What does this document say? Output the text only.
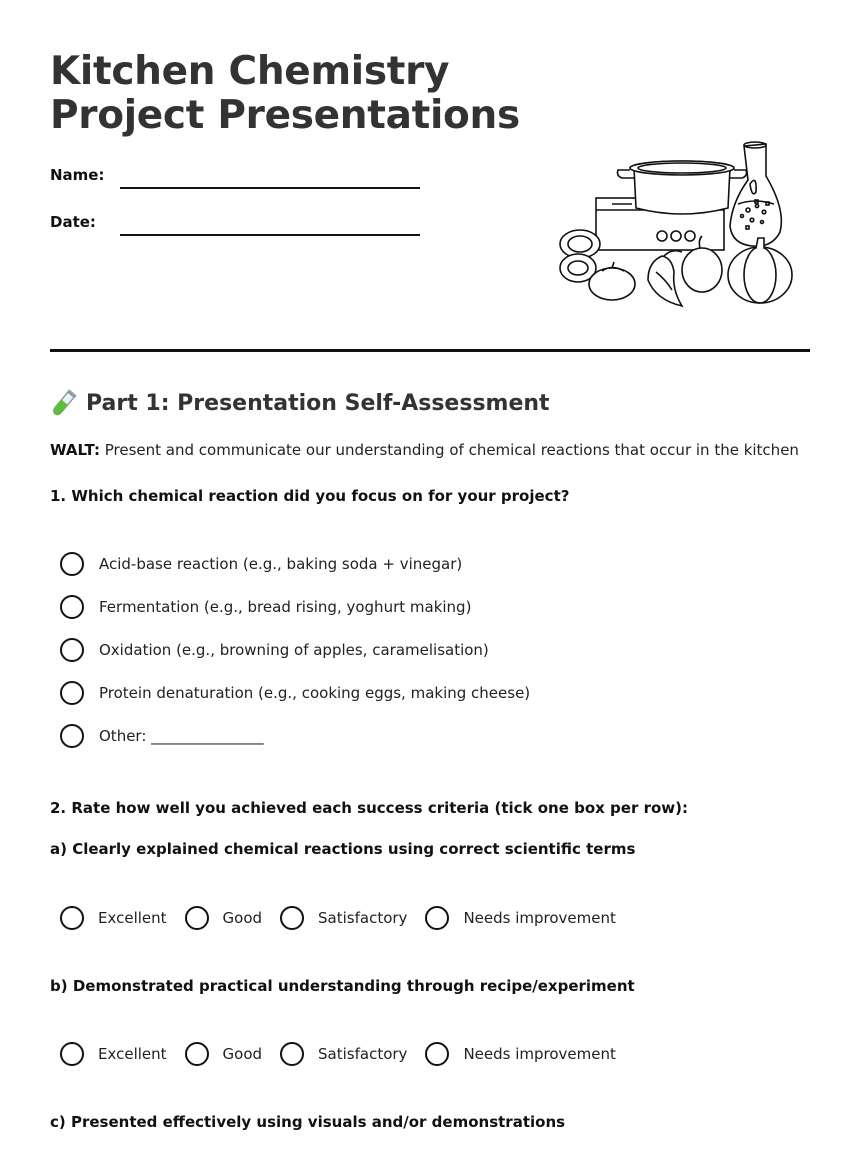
Kitchen Chemistry
Project Presentations
Name:
Date:
Part 1: Presentation Self-Assessment
WALT: Present and communicate our understanding of chemical reactions that occur in the kitchen
1. Which chemical reaction did you focus on for your project?
Acid-base reaction (e.g., baking soda + vinegar)
Fermentation (e.g., bread rising, yoghurt making)
Oxidation (e.g., browning of apples, caramelisation)
Protein denaturation (e.g., cooking eggs, making cheese)
Other: _______________
2. Rate how well you achieved each success criteria (tick one box per row):
a) Clearly explained chemical reactions using correct scientific terms
Excellent	Good	Satisfactory	Needs improvement
b) Demonstrated practical understanding through recipe/experiment
Excellent	Good	Satisfactory	Needs improvement
c) Presented effectively using visuals and/or demonstrations
